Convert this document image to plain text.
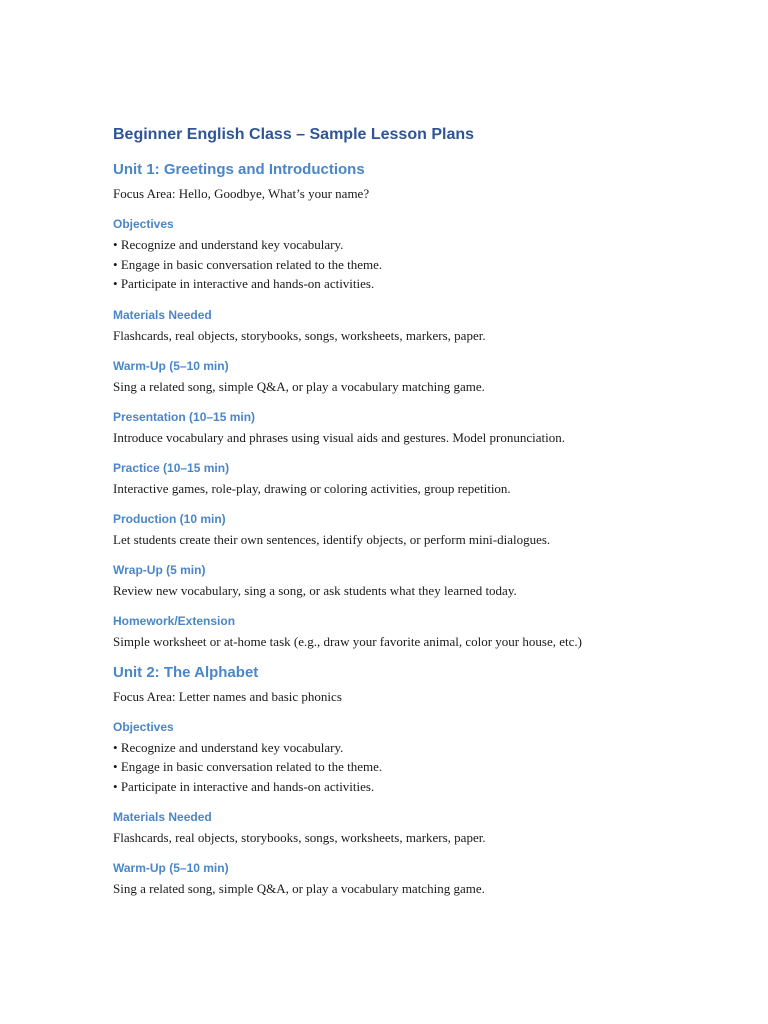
Beginner English Class – Sample Lesson Plans
Unit 1: Greetings and Introductions

Focus Area: Hello, Goodbye, What’s your name?

Objectives
• Recognize and understand key vocabulary.
• Engage in basic conversation related to the theme.
• Participate in interactive and hands-on activities.
Materials Needed

Flashcards, real objects, storybooks, songs, worksheets, markers, paper.

Warm-Up (5–10 min)

Sing a related song, simple Q&A, or play a vocabulary matching game.

Presentation (10–15 min)

Introduce vocabulary and phrases using visual aids and gestures. Model pronunciation.

Practice (10–15 min)

Interactive games, role-play, drawing or coloring activities, group repetition.

Production (10 min)

Let students create their own sentences, identify objects, or perform mini-dialogues.

Wrap-Up (5 min)

Review new vocabulary, sing a song, or ask students what they learned today.

Homework/Extension

Simple worksheet or at-home task (e.g., draw your favorite animal, color your house, etc.)

Unit 2: The Alphabet

Focus Area: Letter names and basic phonics

Objectives
• Recognize and understand key vocabulary.
• Engage in basic conversation related to the theme.
• Participate in interactive and hands-on activities.
Materials Needed

Flashcards, real objects, storybooks, songs, worksheets, markers, paper.

Warm-Up (5–10 min)

Sing a related song, simple Q&A, or play a vocabulary matching game.
